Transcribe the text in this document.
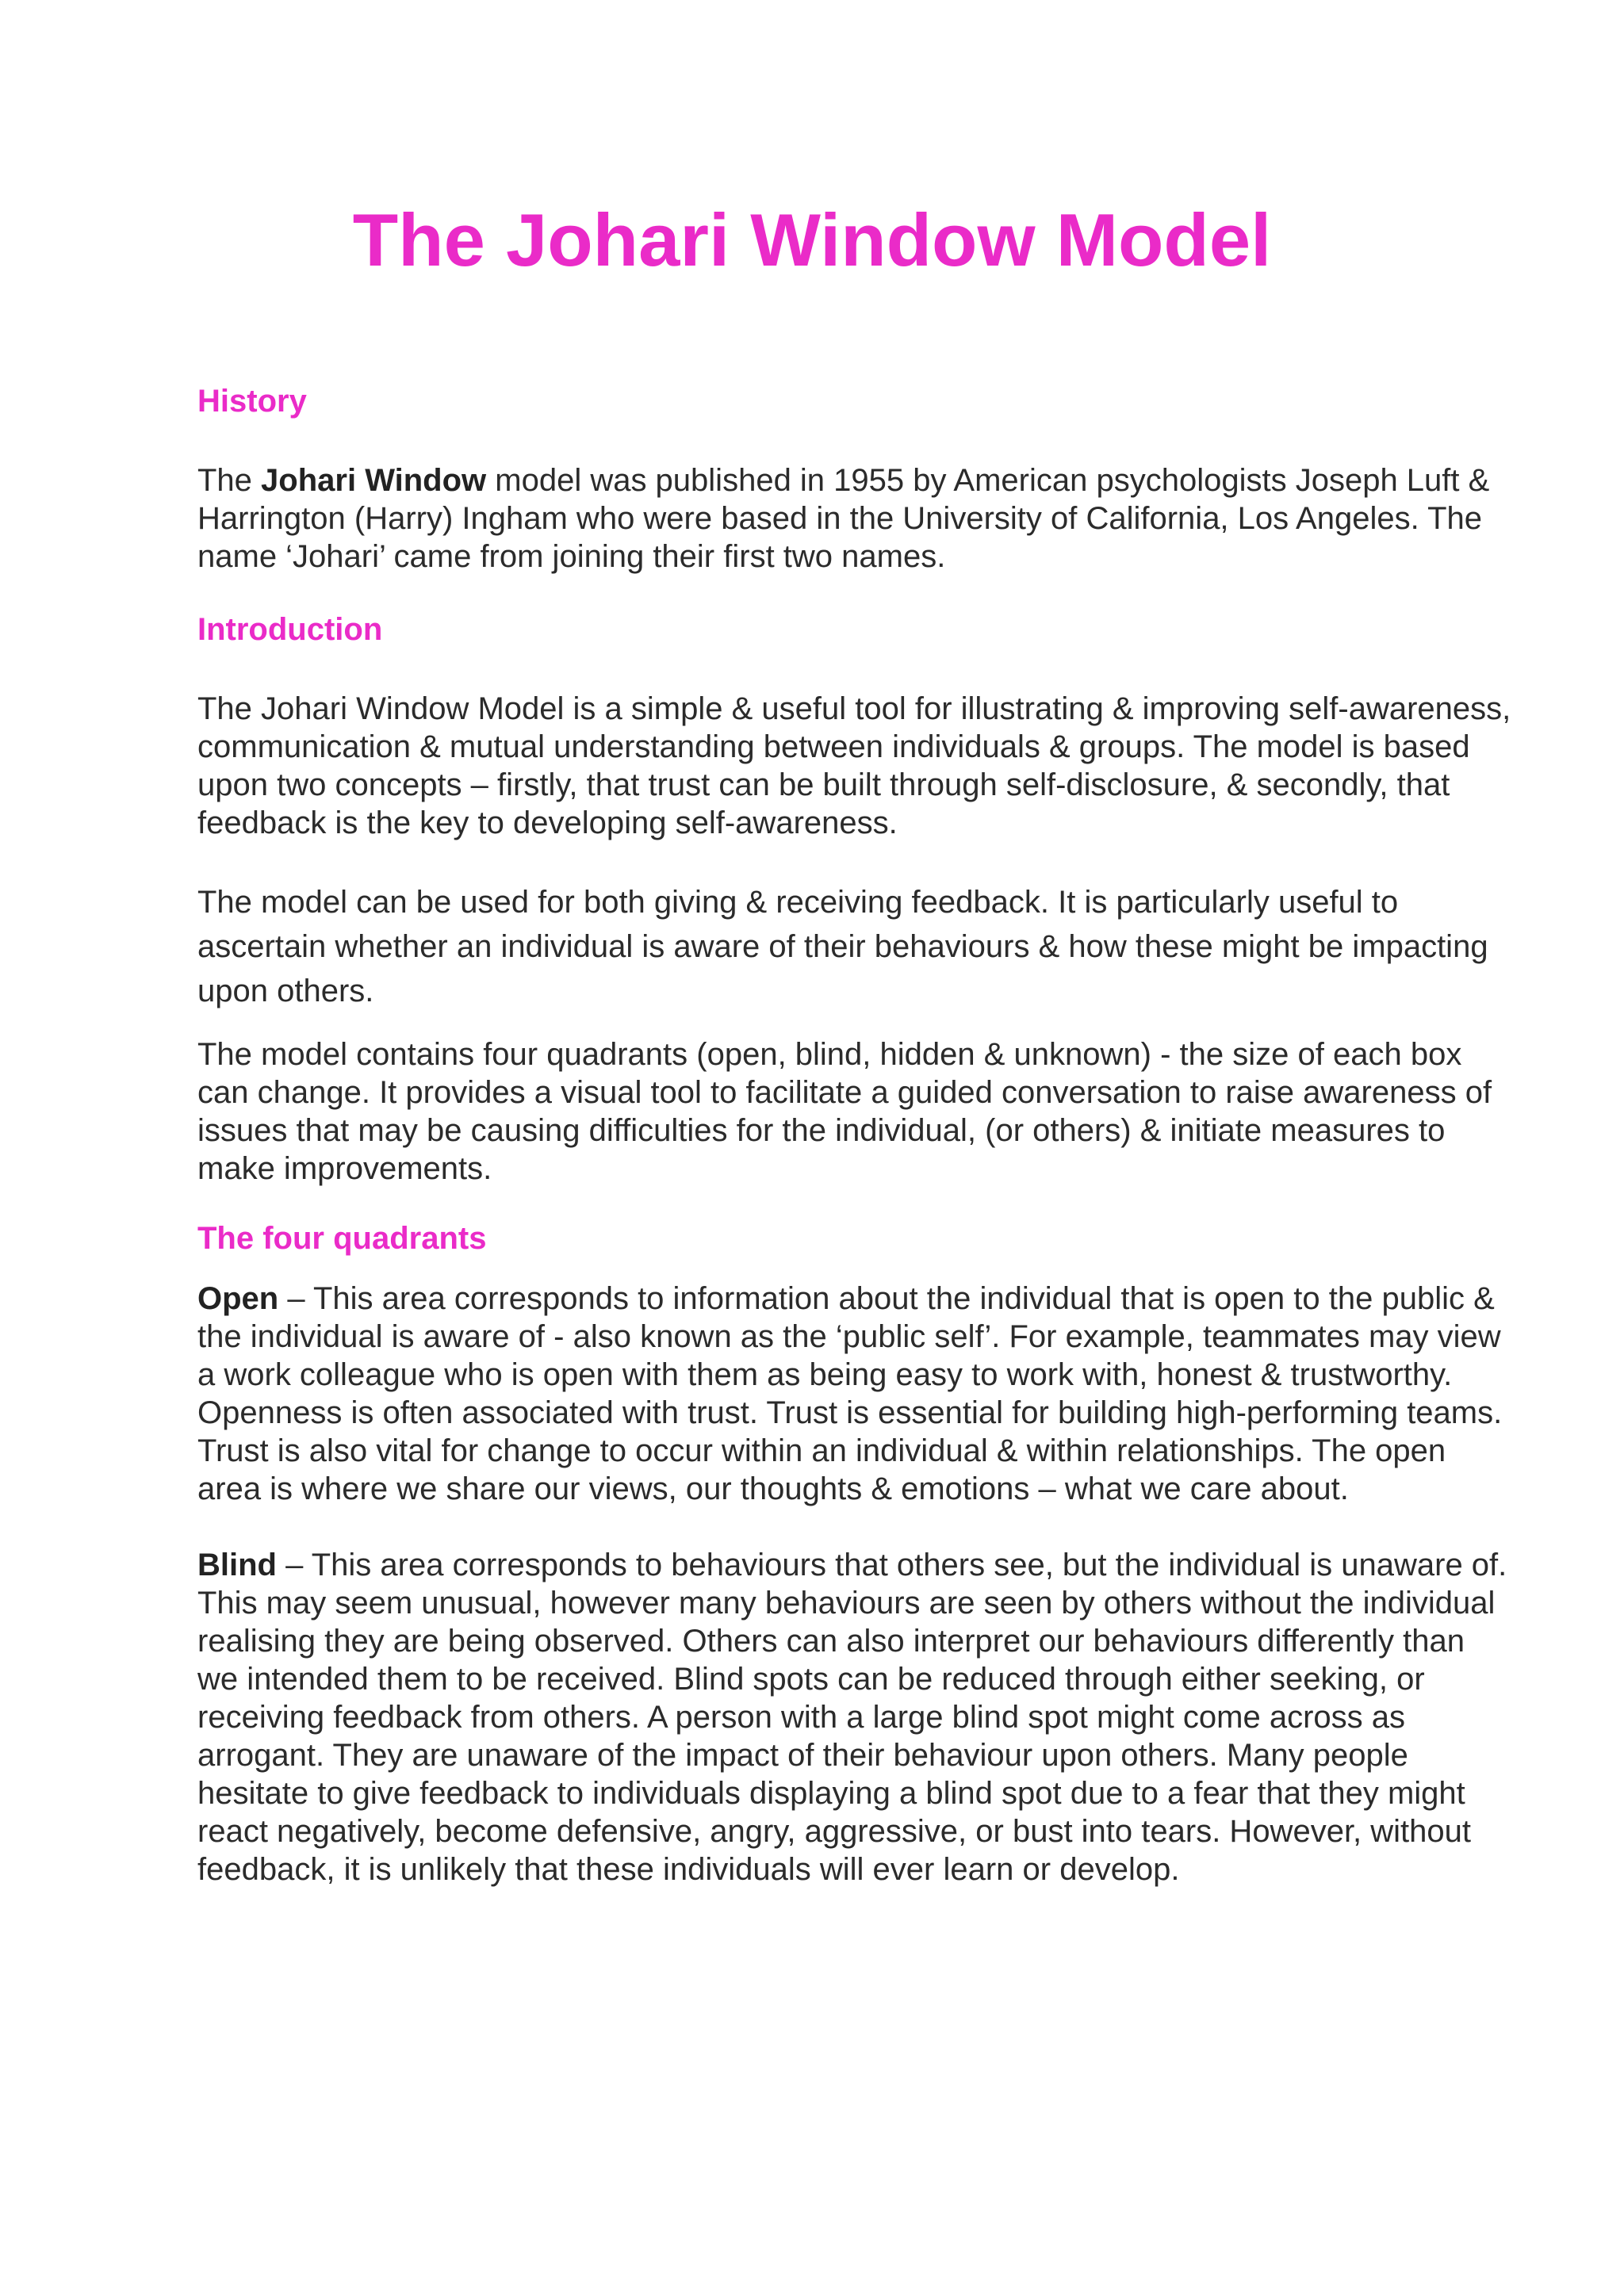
The Johari Window Model
History

The Johari Window model was published in 1955 by American psychologists Joseph Luft & Harrington (Harry) Ingham who were based in the University of California, Los Angeles. The name ‘Johari’ came from joining their first two names.

Introduction

The Johari Window Model is a simple & useful tool for illustrating & improving self-awareness, communication & mutual understanding between individuals & groups. The model is based upon two concepts – firstly, that trust can be built through self-disclosure, & secondly, that feedback is the key to developing self-awareness.

The model can be used for both giving & receiving feedback. It is particularly useful to ascertain whether an individual is aware of their behaviours & how these might be impacting upon others.

The model contains four quadrants (open, blind, hidden & unknown) - the size of each box can change. It provides a visual tool to facilitate a guided conversation to raise awareness of issues that may be causing difficulties for the individual, (or others) & initiate measures to make improvements.

The four quadrants

Open – This area corresponds to information about the individual that is open to the public & the individual is aware of - also known as the ‘public self’. For example, teammates may view a work colleague who is open with them as being easy to work with, honest & trustworthy. Openness is often associated with trust. Trust is essential for building high-performing teams. Trust is also vital for change to occur within an individual & within relationships. The open area is where we share our views, our thoughts & emotions – what we care about.

Blind – This area corresponds to behaviours that others see, but the individual is unaware of. This may seem unusual, however many behaviours are seen by others without the individual realising they are being observed. Others can also interpret our behaviours differently than we intended them to be received. Blind spots can be reduced through either seeking, or receiving feedback from others. A person with a large blind spot might come across as arrogant. They are unaware of the impact of their behaviour upon others. Many people hesitate to give feedback to individuals displaying a blind spot due to a fear that they might react negatively, become defensive, angry, aggressive, or bust into tears. However, without feedback, it is unlikely that these individuals will ever learn or develop.
